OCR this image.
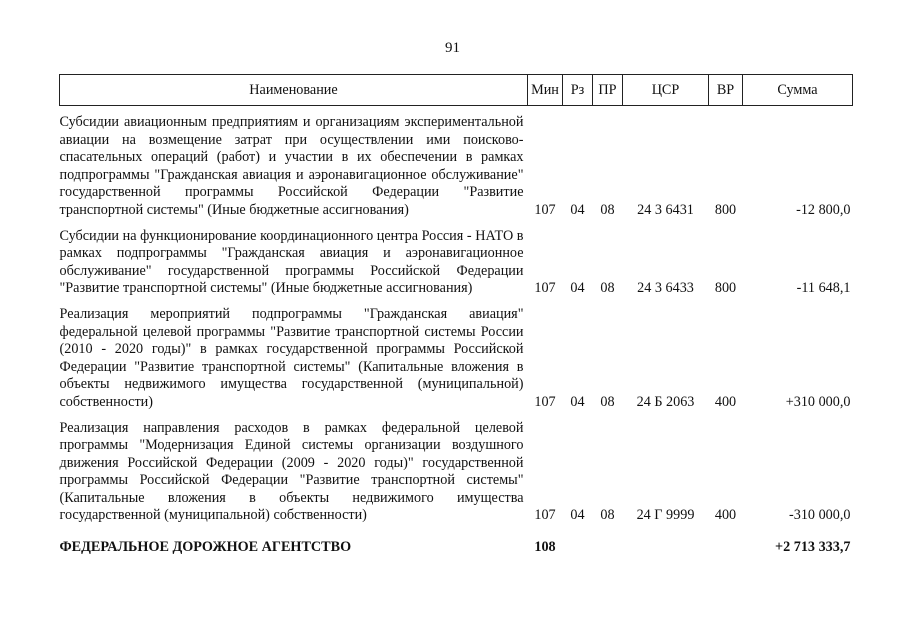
91
Наименование	Мин	Рз	ПР	ЦСР	ВР	Сумма
Субсидии авиационным предприятиям и организациям экспериментальной авиации на возмещение затрат при осуществлении ими поисково-спасательных операций (работ) и участии в их обеспечении в рамках подпрограммы "Гражданская авиация и аэронавигационное обслуживание" государственной программы Российской Федерации "Развитие транспортной системы" (Иные бюджетные ассигнования)	107	04	08	24 3 6431	800	-12 800,0
Субсидии на функционирование координационного центра Россия - НАТО в рамках подпрограммы "Гражданская авиация и аэронавигационное обслуживание" государственной программы Российской Федерации "Развитие транспортной системы" (Иные бюджетные ассигнования)	107	04	08	24 3 6433	800	-11 648,1
Реализация мероприятий подпрограммы "Гражданская авиация" федеральной целевой программы "Развитие транспортной системы России (2010 - 2020 годы)" в рамках государственной программы Российской Федерации "Развитие транспортной системы" (Капитальные вложения в объекты недвижимого имущества государственной (муниципальной) собственности)	107	04	08	24 Б 2063	400	+310 000,0
Реализация направления расходов в рамках федеральной целевой программы "Модернизация Единой системы организации воздушного движения Российской Федерации (2009 - 2020 годы)" государственной программы Российской Федерации "Развитие транспортной системы" (Капитальные вложения в объекты недвижимого имущества государственной (муниципальной) собственности)	107	04	08	24 Г 9999	400	-310 000,0
ФЕДЕРАЛЬНОЕ ДОРОЖНОЕ АГЕНТСТВО	108					+2 713 333,7
